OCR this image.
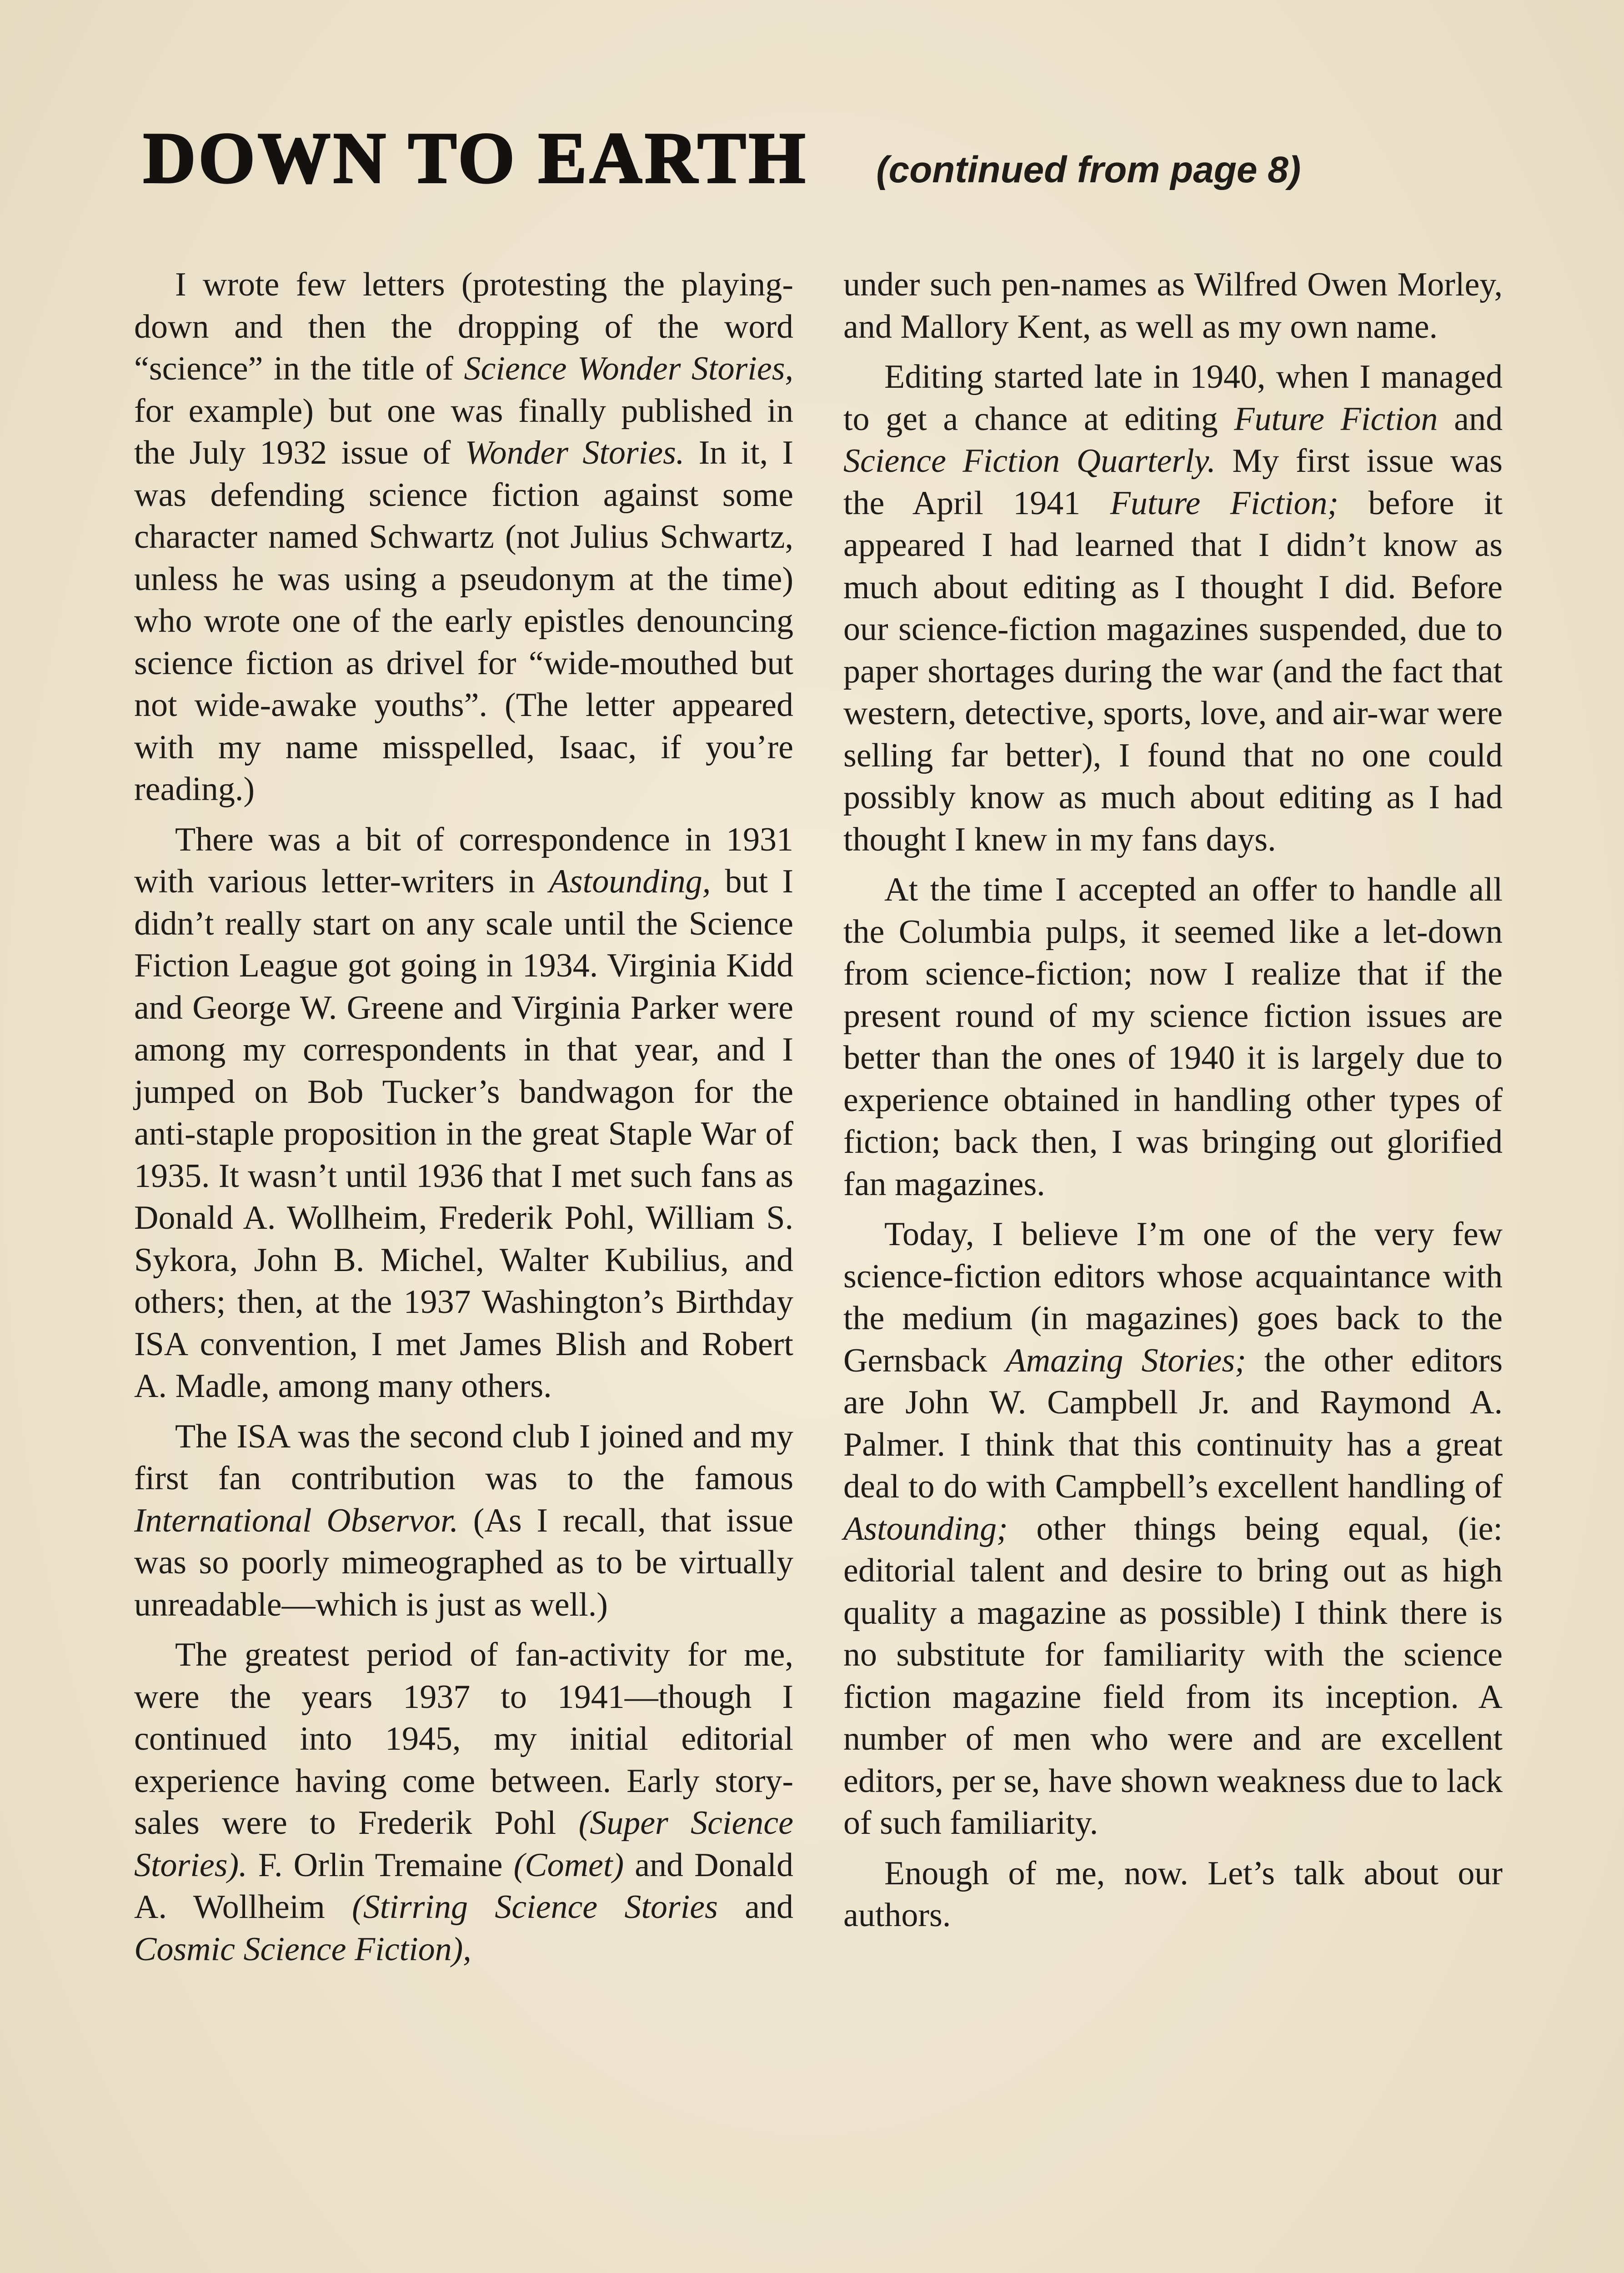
DOWN TO EARTH (continued from page 8)

I wrote few letters (protesting the playing-down and then the dropping of the word “science” in the title of Science Wonder Stories, for example) but one was finally published in the July 1932 issue of Wonder Stories. In it, I was defending science fiction against some character named Schwartz (not Julius Schwartz, unless he was using a pseudonym at the time) who wrote one of the early epistles denouncing science fiction as drivel for “wide-mouthed but not wide-awake youths”. (The letter appeared with my name misspelled, Isaac, if you’re reading.)

There was a bit of correspondence in 1931 with various letter-writers in Astounding, but I didn’t really start on any scale until the Science Fiction League got going in 1934. Virginia Kidd and George W. Greene and Virginia Parker were among my correspondents in that year, and I jumped on Bob Tucker’s bandwagon for the anti-staple proposition in the great Staple War of 1935. It wasn’t until 1936 that I met such fans as Donald A. Wollheim, Frederik Pohl, William S. Sykora, John B. Michel, Walter Kubilius, and others; then, at the 1937 Washington’s Birthday ISA convention, I met James Blish and Robert A. Madle, among many others.

The ISA was the second club I joined and my first fan contribution was to the famous International Observor. (As I recall, that issue was so poorly mimeographed as to be virtually unreadable—which is just as well.)

The greatest period of fan-activity for me, were the years 1937 to 1941—though I continued into 1945, my initial editorial experience having come between. Early story-sales were to Frederik Pohl (Super Science Stories). F. Orlin Tremaine (Comet) and Donald A. Wollheim (Stirring Science Stories and Cosmic Science Fiction),

under such pen-names as Wilfred Owen Morley, and Mallory Kent, as well as my own name.

Editing started late in 1940, when I managed to get a chance at editing Future Fiction and Science Fiction Quarterly. My first issue was the April 1941 Future Fiction; before it appeared I had learned that I didn’t know as much about editing as I thought I did. Before our science-fiction magazines suspended, due to paper shortages during the war (and the fact that western, detective, sports, love, and air-war were selling far better), I found that no one could possibly know as much about editing as I had thought I knew in my fans days.

At the time I accepted an offer to handle all the Columbia pulps, it seemed like a let-down from science-fiction; now I realize that if the present round of my science fiction issues are better than the ones of 1940 it is largely due to experience obtained in handling other types of fiction; back then, I was bringing out glorified fan magazines.

Today, I believe I’m one of the very few science-fiction editors whose acquaintance with the medium (in magazines) goes back to the Gernsback Amazing Stories; the other editors are John W. Campbell Jr. and Raymond A. Palmer. I think that this continuity has a great deal to do with Campbell’s excellent handling of Astounding; other things being equal, (ie: editorial talent and desire to bring out as high quality a magazine as possible) I think there is no substitute for familiarity with the science fiction magazine field from its inception. A number of men who were and are excellent editors, per se, have shown weakness due to lack of such familiarity.

Enough of me, now. Let’s talk about our authors.
